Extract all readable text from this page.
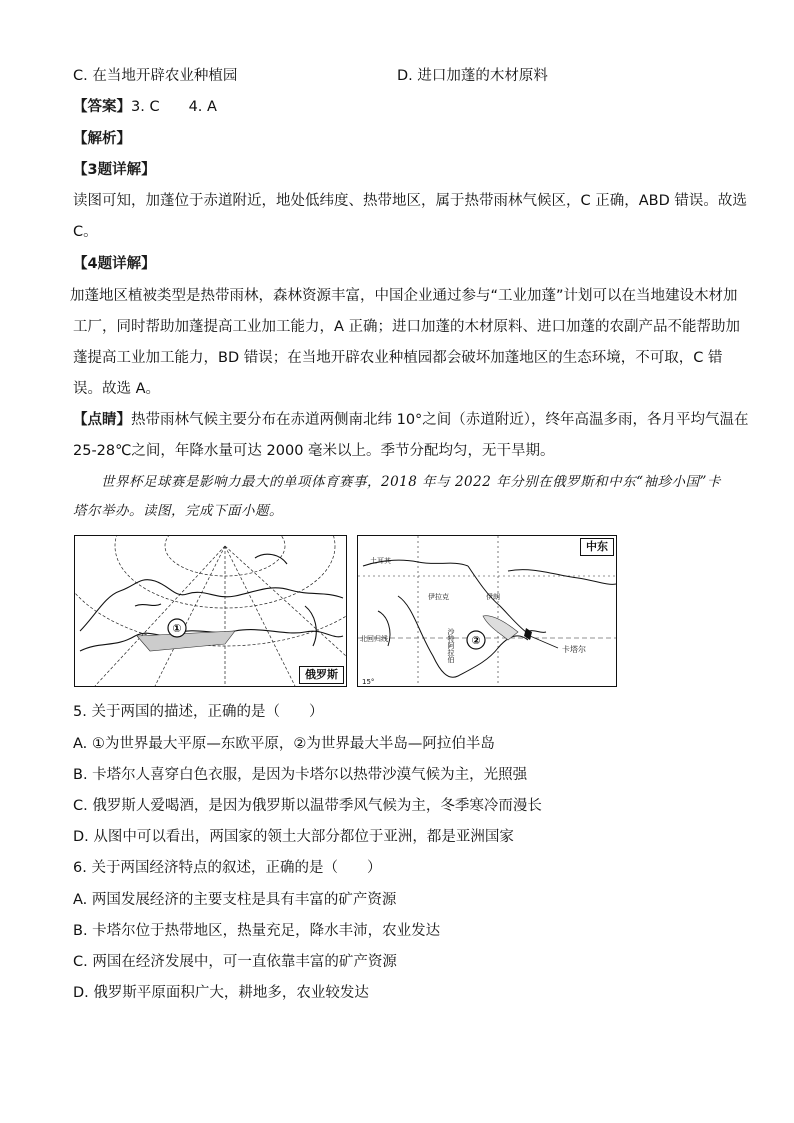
C. 在当地开辟农业种植园	D. 进口加蓬的木材原料
【答案】3. C　　4. A
【解析】
【3题详解】
读图可知，加蓬位于赤道附近，地处低纬度、热带地区，属于热带雨林气候区，C 正确，ABD 错误。故选
C。
【4题详解】
加蓬地区植被类型是热带雨林，森林资源丰富，中国企业通过参与“工业加蓬”计划可以在当地建设木材加
工厂，同时帮助加蓬提高工业加工能力，A 正确；进口加蓬的木材原料、进口加蓬的农副产品不能帮助加
蓬提高工业加工能力，BD 错误；在当地开辟农业种植园都会破坏加蓬地区的生态环境，不可取，C 错
误。故选 A。
【点睛】热带雨林气候主要分布在赤道两侧南北纬 10°之间（赤道附近），终年高温多雨，各月平均气温在
25-28℃之间，年降水量可达 2000 毫米以上。季节分配均匀，无干旱期。
世界杯足球赛是影响力最大的单项体育赛事，2018 年与 2022 年分别在俄罗斯和中东“袖珍小国”卡
塔尔举办。读图，完成下面小题。
①
俄罗斯
②
土耳其
伊拉克	伊朗
北回归线
15°
卡塔尔
沙特阿拉伯
中东
5. 关于两国的描述，正确的是（　　）
A. ①为世界最大平原—东欧平原，②为世界最大半岛—阿拉伯半岛
B. 卡塔尔人喜穿白色衣服，是因为卡塔尔以热带沙漠气候为主，光照强
C. 俄罗斯人爱喝酒，是因为俄罗斯以温带季风气候为主，冬季寒冷而漫长
D. 从图中可以看出，两国家的领土大部分都位于亚洲，都是亚洲国家
6. 关于两国经济特点的叙述，正确的是（　　）
A. 两国发展经济的主要支柱是具有丰富的矿产资源
B. 卡塔尔位于热带地区，热量充足，降水丰沛，农业发达
C. 两国在经济发展中，可一直依靠丰富的矿产资源
D. 俄罗斯平原面积广大，耕地多，农业较发达
